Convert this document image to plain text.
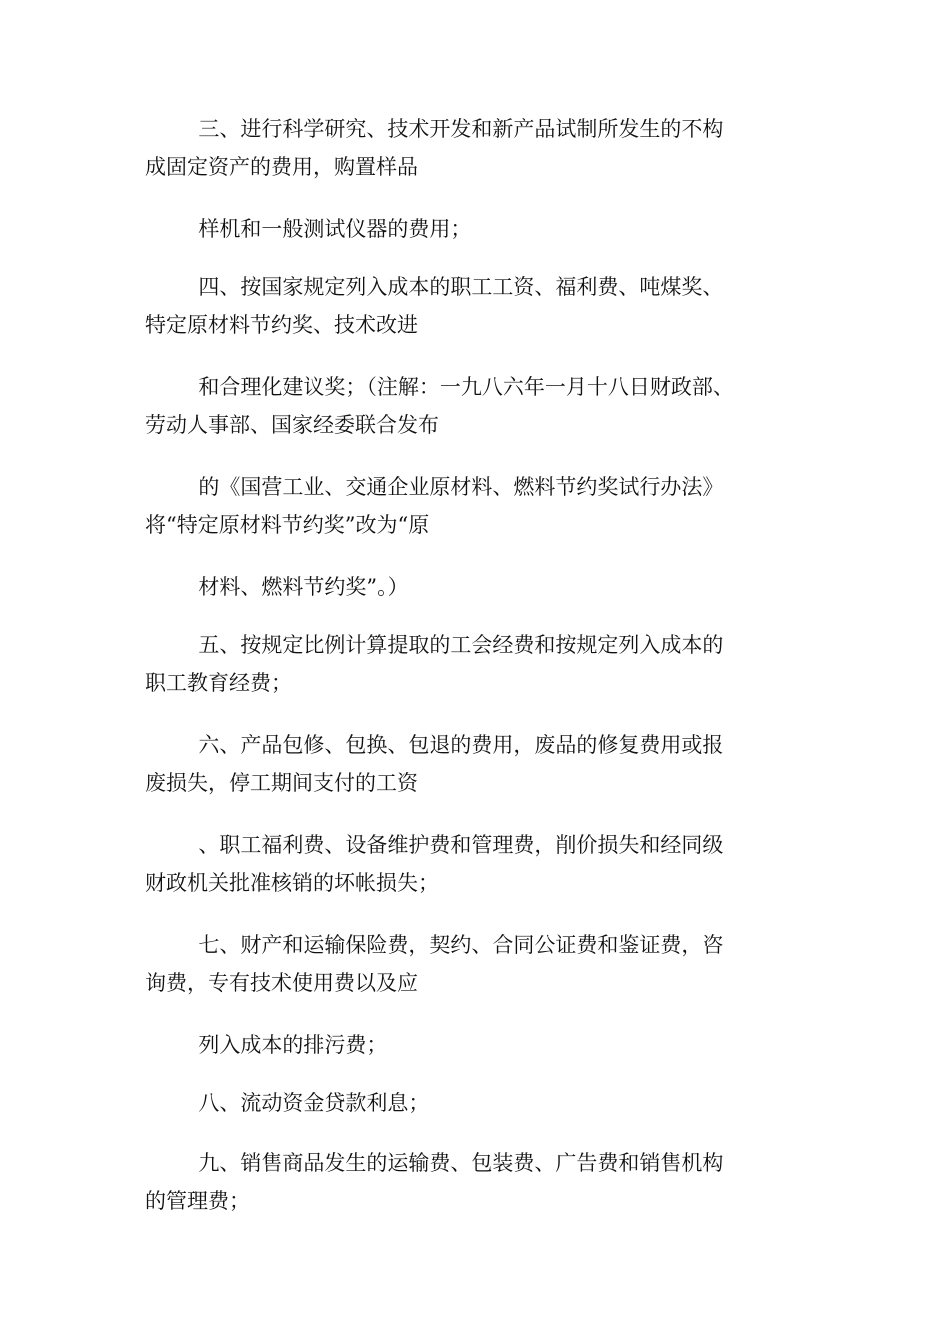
三、进行科学研究、技术开发和新产品试制所发生的不构
成固定资产的费用，购置样品

样机和一般测试仪器的费用；

四、按国家规定列入成本的职工工资、福利费、吨煤奖、
特定原材料节约奖、技术改进

和合理化建议奖；（注解：一九八六年一月十八日财政部、
劳动人事部、国家经委联合发布

的《国营工业、交通企业原材料、燃料节约奖试行办法》
将“特定原材料节约奖”改为“原

材料、燃料节约奖”。）

五、按规定比例计算提取的工会经费和按规定列入成本的
职工教育经费；

六、产品包修、包换、包退的费用，废品的修复费用或报
废损失，停工期间支付的工资

、职工福利费、设备维护费和管理费，削价损失和经同级
财政机关批准核销的坏帐损失；

七、财产和运输保险费，契约、合同公证费和鉴证费，咨
询费，专有技术使用费以及应

列入成本的排污费；

八、流动资金贷款利息；

九、销售商品发生的运输费、包装费、广告费和销售机构
的管理费；
